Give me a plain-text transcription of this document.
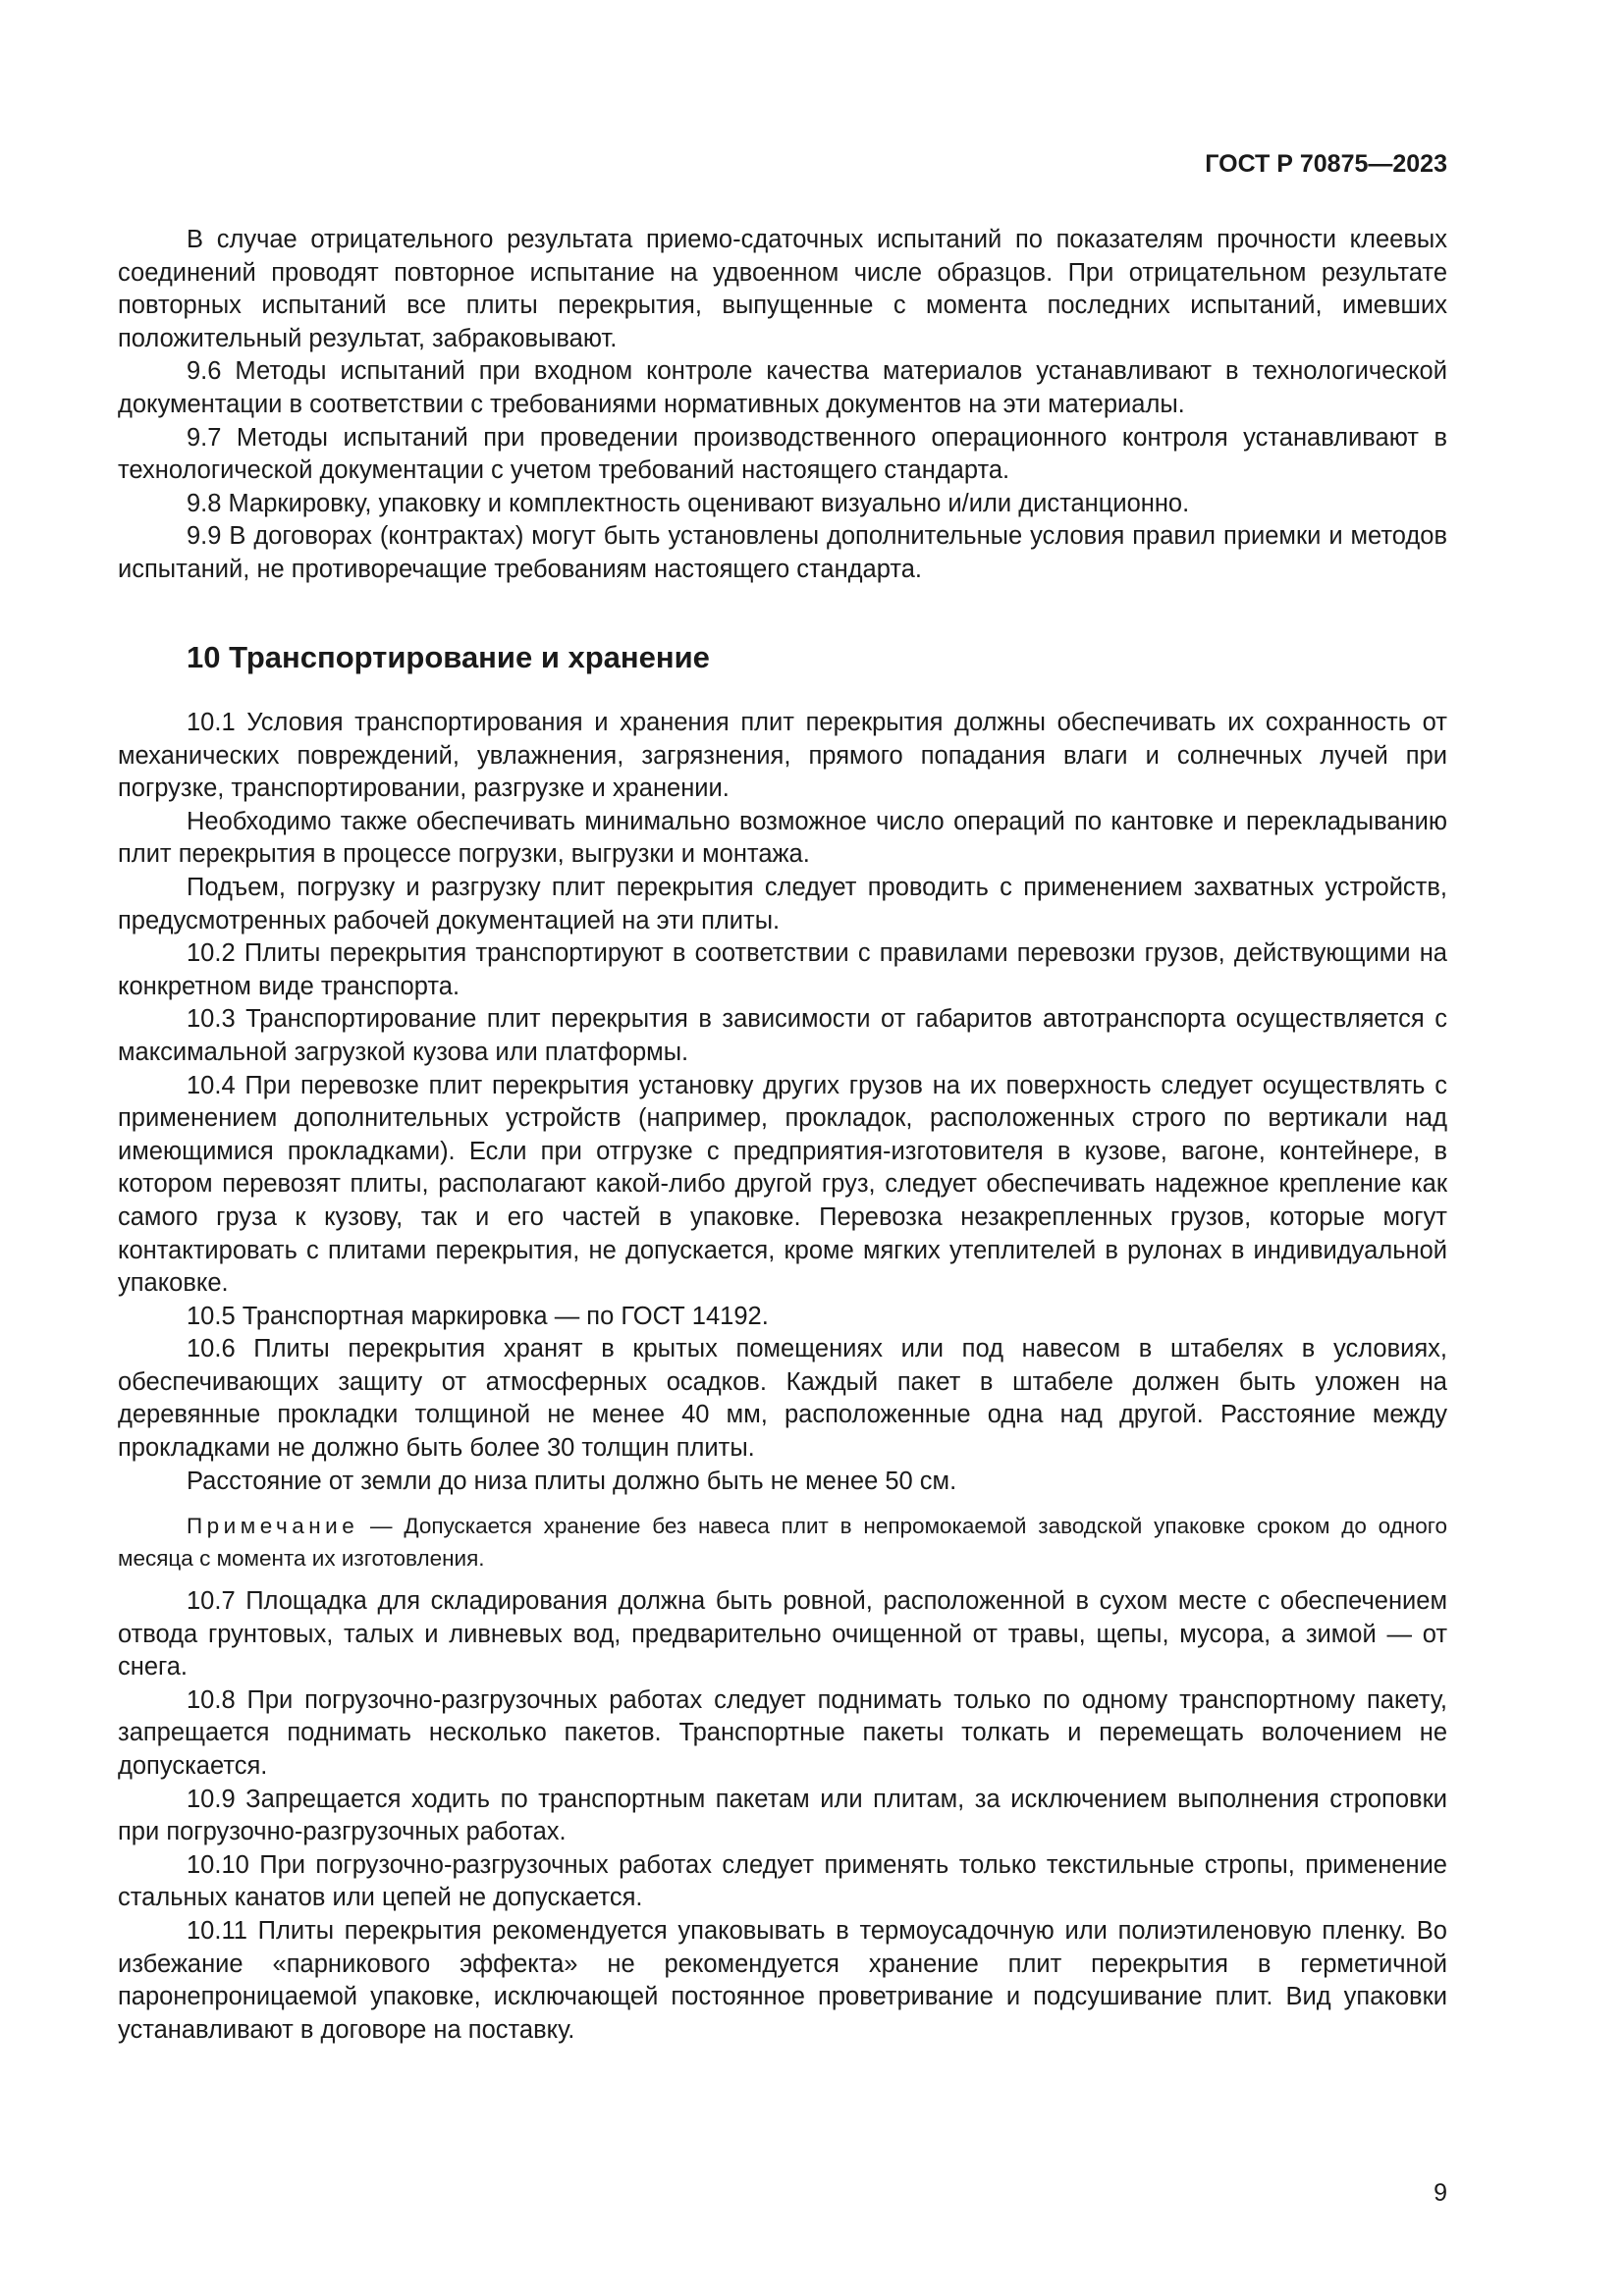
ГОСТ Р 70875—2023

В случае отрицательного результата приемо-сдаточных испытаний по показателям прочности клеевых соединений проводят повторное испытание на удвоенном числе образцов. При отрицательном результате повторных испытаний все плиты перекрытия, выпущенные с момента последних испытаний, имевших положительный результат, забраковывают.

9.6 Методы испытаний при входном контроле качества материалов устанавливают в технологической документации в соответствии с требованиями нормативных документов на эти материалы.

9.7 Методы испытаний при проведении производственного операционного контроля устанавливают в технологической документации с учетом требований настоящего стандарта.

9.8 Маркировку, упаковку и комплектность оценивают визуально и/или дистанционно.

9.9 В договорах (контрактах) могут быть установлены дополнительные условия правил приемки и методов испытаний, не противоречащие требованиям настоящего стандарта.

10 Транспортирование и хранение

10.1 Условия транспортирования и хранения плит перекрытия должны обеспечивать их сохранность от механических повреждений, увлажнения, загрязнения, прямого попадания влаги и солнечных лучей при погрузке, транспортировании, разгрузке и хранении.

Необходимо также обеспечивать минимально возможное число операций по кантовке и перекладыванию плит перекрытия в процессе погрузки, выгрузки и монтажа.

Подъем, погрузку и разгрузку плит перекрытия следует проводить с применением захватных устройств, предусмотренных рабочей документацией на эти плиты.

10.2 Плиты перекрытия транспортируют в соответствии с правилами перевозки грузов, действующими на конкретном виде транспорта.

10.3 Транспортирование плит перекрытия в зависимости от габаритов автотранспорта осуществляется с максимальной загрузкой кузова или платформы.

10.4 При перевозке плит перекрытия установку других грузов на их поверхность следует осуществлять с применением дополнительных устройств (например, прокладок, расположенных строго по вертикали над имеющимися прокладками). Если при отгрузке с предприятия-изготовителя в кузове, вагоне, контейнере, в котором перевозят плиты, располагают какой-либо другой груз, следует обеспечивать надежное крепление как самого груза к кузову, так и его частей в упаковке. Перевозка незакрепленных грузов, которые могут контактировать с плитами перекрытия, не допускается, кроме мягких утеплителей в рулонах в индивидуальной упаковке.

10.5 Транспортная маркировка — по ГОСТ 14192.

10.6 Плиты перекрытия хранят в крытых помещениях или под навесом в штабелях в условиях, обеспечивающих защиту от атмосферных осадков. Каждый пакет в штабеле должен быть уложен на деревянные прокладки толщиной не менее 40 мм, расположенные одна над другой. Расстояние между прокладками не должно быть более 30 толщин плиты.

Расстояние от земли до низа плиты должно быть не менее 50 см.

Примечание — Допускается хранение без навеса плит в непромокаемой заводской упаковке сроком до одного месяца с момента их изготовления.

10.7 Площадка для складирования должна быть ровной, расположенной в сухом месте с обеспечением отвода грунтовых, талых и ливневых вод, предварительно очищенной от травы, щепы, мусора, а зимой — от снега.

10.8 При погрузочно-разгрузочных работах следует поднимать только по одному транспортному пакету, запрещается поднимать несколько пакетов. Транспортные пакеты толкать и перемещать волочением не допускается.

10.9 Запрещается ходить по транспортным пакетам или плитам, за исключением выполнения строповки при погрузочно-разгрузочных работах.

10.10 При погрузочно-разгрузочных работах следует применять только текстильные стропы, применение стальных канатов или цепей не допускается.

10.11 Плиты перекрытия рекомендуется упаковывать в термоусадочную или полиэтиленовую пленку. Во избежание «парникового эффекта» не рекомендуется хранение плит перекрытия в герметичной паронепроницаемой упаковке, исключающей постоянное проветривание и подсушивание плит. Вид упаковки устанавливают в договоре на поставку.

9
